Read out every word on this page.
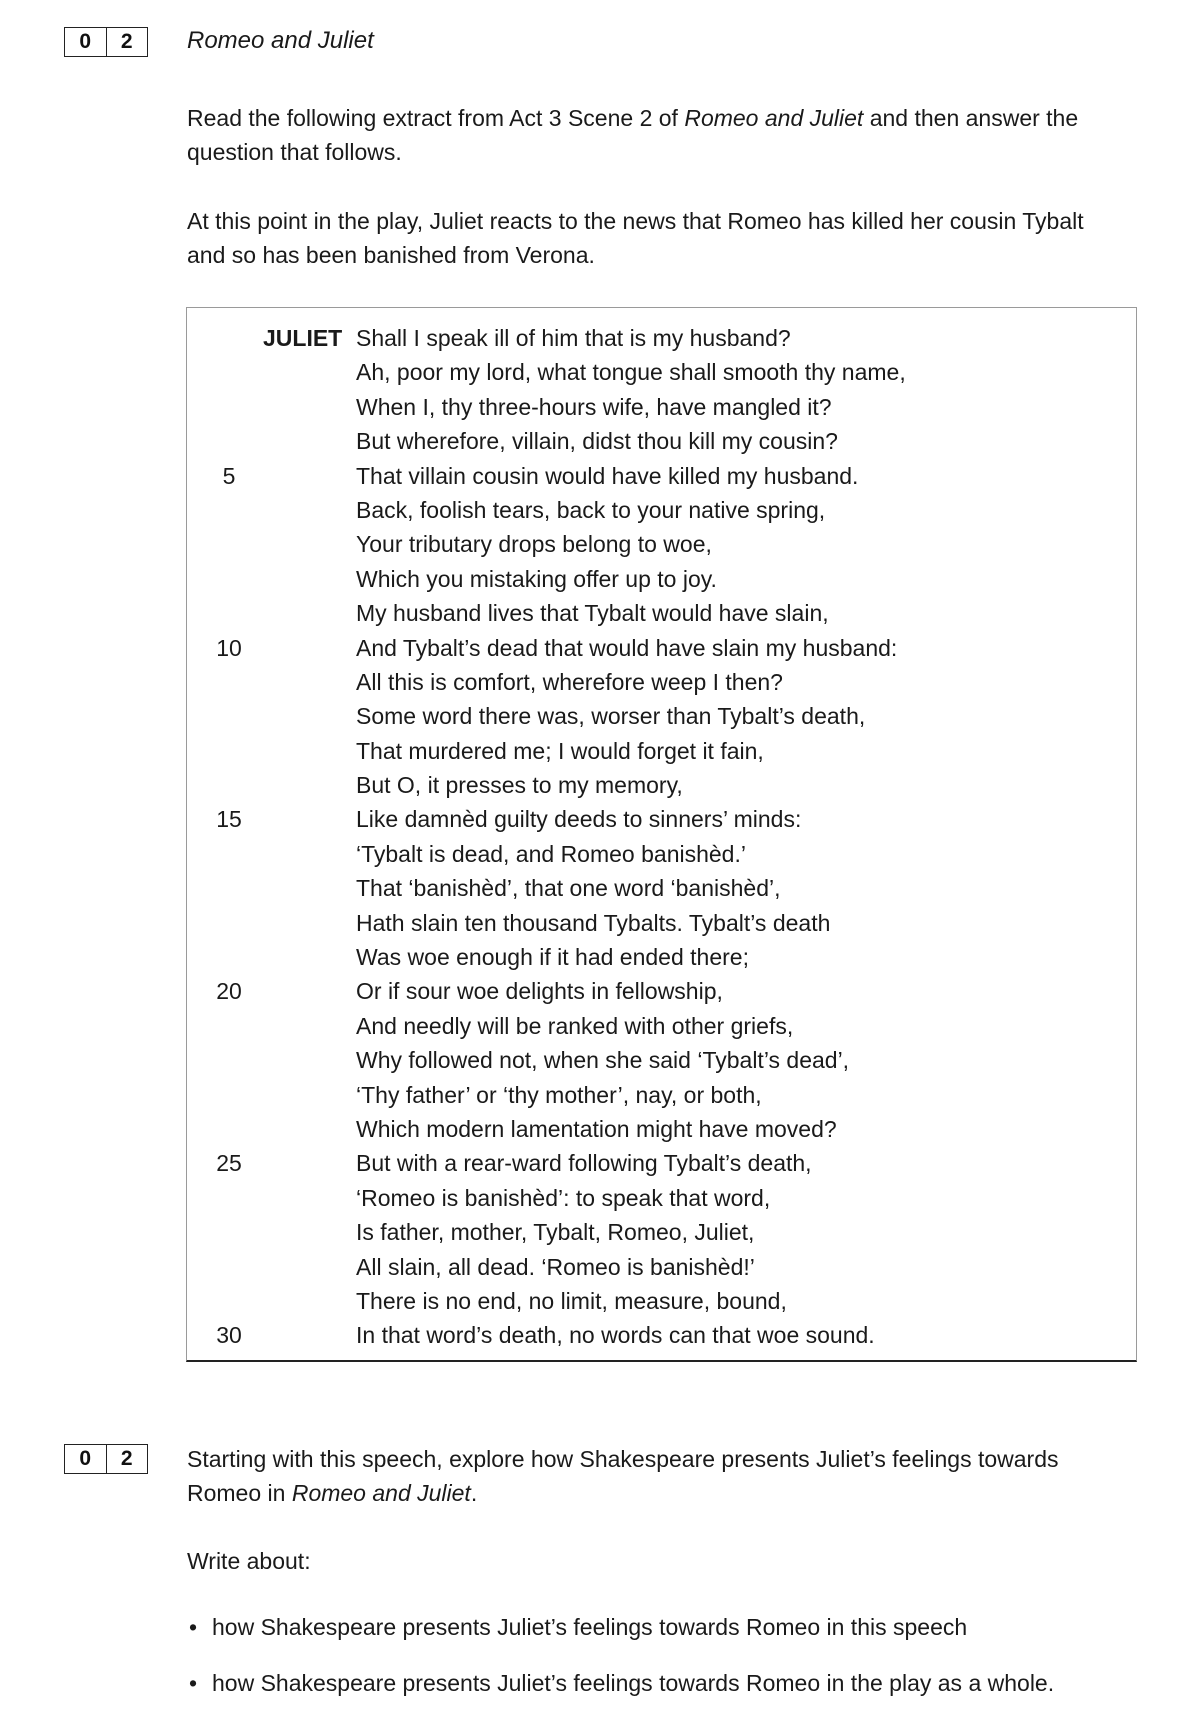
0	2	Romeo and Juliet

Read the following extract from Act 3 Scene 2 of Romeo and Juliet and then answer the question that follows.

At this point in the play, Juliet reacts to the news that Romeo has killed her cousin Tybalt and so has been banished from Verona.

JULIET Shall I speak ill of him that is my husband?
Ah, poor my lord, what tongue shall smooth thy name,
When I, thy three-hours wife, have mangled it?
But wherefore, villain, didst thou kill my cousin?
5	That villain cousin would have killed my husband.
Back, foolish tears, back to your native spring,
Your tributary drops belong to woe,
Which you mistaking offer up to joy.
My husband lives that Tybalt would have slain,
10	And Tybalt’s dead that would have slain my husband:
All this is comfort, wherefore weep I then?
Some word there was, worser than Tybalt’s death,
That murdered me; I would forget it fain,
But O, it presses to my memory,
15	Like damnèd guilty deeds to sinners’ minds:
‘Tybalt is dead, and Romeo banishèd.’
That ‘banishèd’, that one word ‘banishèd’,
Hath slain ten thousand Tybalts. Tybalt’s death
Was woe enough if it had ended there;
20	Or if sour woe delights in fellowship,
And needly will be ranked with other griefs,
Why followed not, when she said ‘Tybalt’s dead’,
‘Thy father’ or ‘thy mother’, nay, or both,
Which modern lamentation might have moved?
25	But with a rear-ward following Tybalt’s death,
‘Romeo is banishèd’: to speak that word,
Is father, mother, Tybalt, Romeo, Juliet,
All slain, all dead. ‘Romeo is banishèd!’
There is no end, no limit, measure, bound,
30	In that word’s death, no words can that woe sound.
0	2	Starting with this speech, explore how Shakespeare presents Juliet’s feelings towards Romeo in Romeo and Juliet.

Write about:

• how Shakespeare presents Juliet’s feelings towards Romeo in this speech
• how Shakespeare presents Juliet’s feelings towards Romeo in the play as a whole.
